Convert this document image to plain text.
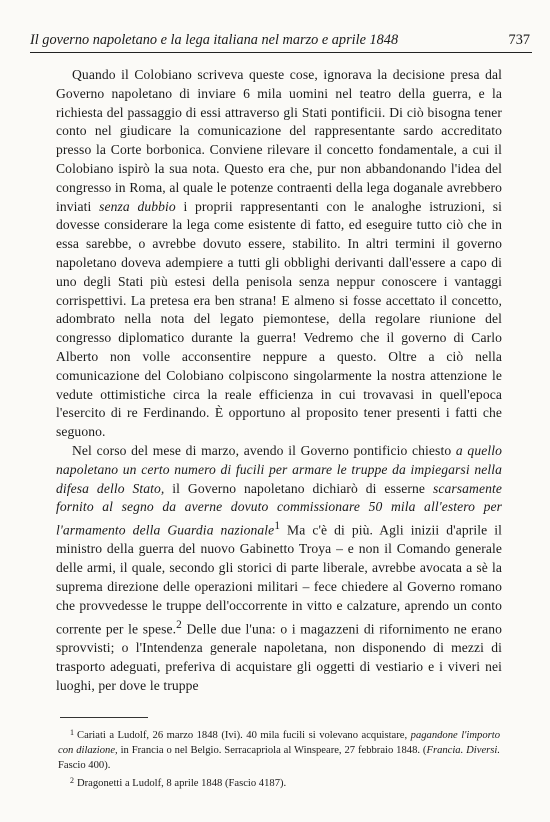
Il governo napoletano e la lega italiana nel marzo e aprile 1848	737

Quando il Colobiano scriveva queste cose, ignorava la decisione presa dal Governo napoletano di inviare 6 mila uomini nel teatro della guerra, e la richiesta del passaggio di essi attraverso gli Stati pontificii. Di ciò bisogna tener conto nel giudicare la comunicazione del rappresentante sardo accreditato presso la Corte borbonica. Conviene rilevare il concetto fondamentale, a cui il Colobiano ispirò la sua nota. Questo era che, pur non abbandonando l'idea del congresso in Roma, al quale le potenze contraenti della lega doganale avrebbero inviati senza dubbio i proprii rappresentanti con le analoghe istruzioni, si dovesse considerare la lega come esistente di fatto, ed eseguire tutto ciò che in essa sarebbe, o avrebbe dovuto essere, stabilito. In altri termini il governo napoletano doveva adempiere a tutti gli obblighi derivanti dall'essere a capo di uno degli Stati più estesi della penisola senza neppur conoscere i vantaggi corrispettivi. La pretesa era ben strana! E almeno si fosse accettato il concetto, adombrato nella nota del legato piemontese, della regolare riunione del congresso diplomatico durante la guerra! Vedremo che il governo di Carlo Alberto non volle acconsentire neppure a questo. Oltre a ciò nella comunicazione del Colobiano colpiscono singolarmente la nostra attenzione le vedute ottimistiche circa la reale efficienza in cui trovavasi in quell'epoca l'esercito di re Ferdinando. È opportuno al proposito tener presenti i fatti che seguono.

Nel corso del mese di marzo, avendo il Governo pontificio chiesto a quello napoletano un certo numero di fucili per armare le truppe da impiegarsi nella difesa dello Stato, il Governo napoletano dichiarò di esserne scarsamente fornito al segno da averne dovuto commissionare 50 mila all'estero per l'armamento della Guardia nazionale$^1$ Ma c'è di più. Agli inizii d'aprile il ministro della guerra del nuovo Gabinetto Troya – e non il Comando generale delle armi, il quale, secondo gli storici di parte liberale, avrebbe avocata a sè la suprema direzione delle operazioni militari – fece chiedere al Governo romano che provvedesse le truppe dell'occorrente in vitto e calzature, aprendo un conto corrente per le spese.$^2$ Delle due l'una: o i magazzeni di rifornimento ne erano sprovvisti; o l'Intendenza generale napoletana, non disponendo di mezzi di trasporto adeguati, preferiva di acquistare gli oggetti di vestiario e i viveri nei luoghi, per dove le truppe

$^1$ Cariati a Ludolf, 26 marzo 1848 (Ivi). 40 mila fucili si volevano acquistare, pagandone l'importo con dilazione, in Francia o nel Belgio. Serracapriola al Winspeare, 27 febbraio 1848. (Francia. Diversi. Fascio 400).

$^2$ Dragonetti a Ludolf, 8 aprile 1848 (Fascio 4187).
